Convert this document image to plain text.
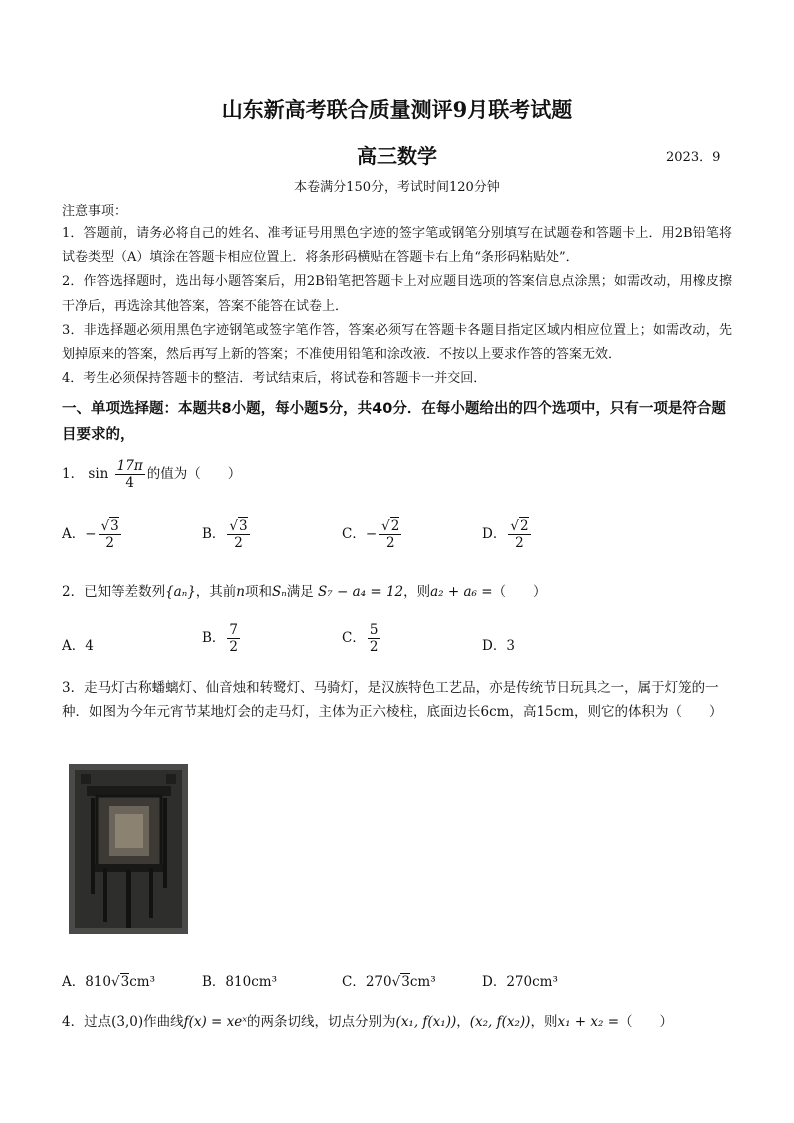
山东新高考联合质量测评9月联考试题
高三数学	2023．9
本卷满分150分，考试时间120分钟
注意事项：

1．答题前，请务必将自己的姓名、准考证号用黑色字迹的签字笔或钢笔分别填写在试题卷和答题卡上．用2B铅笔将试卷类型（A）填涂在答题卡相应位置上．将条形码横贴在答题卡右上角“条形码粘贴处”．

2．作答选择题时，选出每小题答案后，用2B铅笔把答题卡上对应题目选项的答案信息点涂黑；如需改动，用橡皮擦干净后，再选涂其他答案，答案不能答在试卷上．

3．非选择题必须用黑色字迹钢笔或签字笔作答，答案必须写在答题卡各题目指定区域内相应位置上；如需改动，先划掉原来的答案，然后再写上新的答案；不准使用铅笔和涂改液．不按以上要求作答的答案无效．

4．考生必须保持答题卡的整洁．考试结束后，将试卷和答题卡一并交回．

一、单项选择题：本题共8小题，每小题5分，共40分．在每小题给出的四个选项中，只有一项是符合题目要求的，
1． $\sin \frac{17\pi}{4}$ 的值为（　　）
A．− $\frac{√3}{2}$	B． $\frac{√3}{2}$	C．− $\frac{√2}{2}$	D． $\frac{√2}{2}$
2．已知等差数列{aₙ}，其前n项和Sₙ满足 S₇ − a₄ = 12，则a₂ + a₆ =（　　）
A．4	B． $\frac{7}{2}$	C． $\frac{5}{2}$	D．3
3．走马灯古称蟠螭灯、仙音烛和转鹭灯、马骑灯，是汉族特色工艺品，亦是传统节日玩具之一，属于灯笼的一种．如图为今年元宵节某地灯会的走马灯，主体为正六棱柱，底面边长6cm，高15cm，则它的体积为（　　）
A．810√3cm³	B．810cm³	C．270√3cm³	D．270cm³
4．过点(3,0)作曲线f(x) = xeˣ的两条切线，切点分别为(x₁, f(x₁))，(x₂, f(x₂))，则x₁ + x₂ =（　　）
